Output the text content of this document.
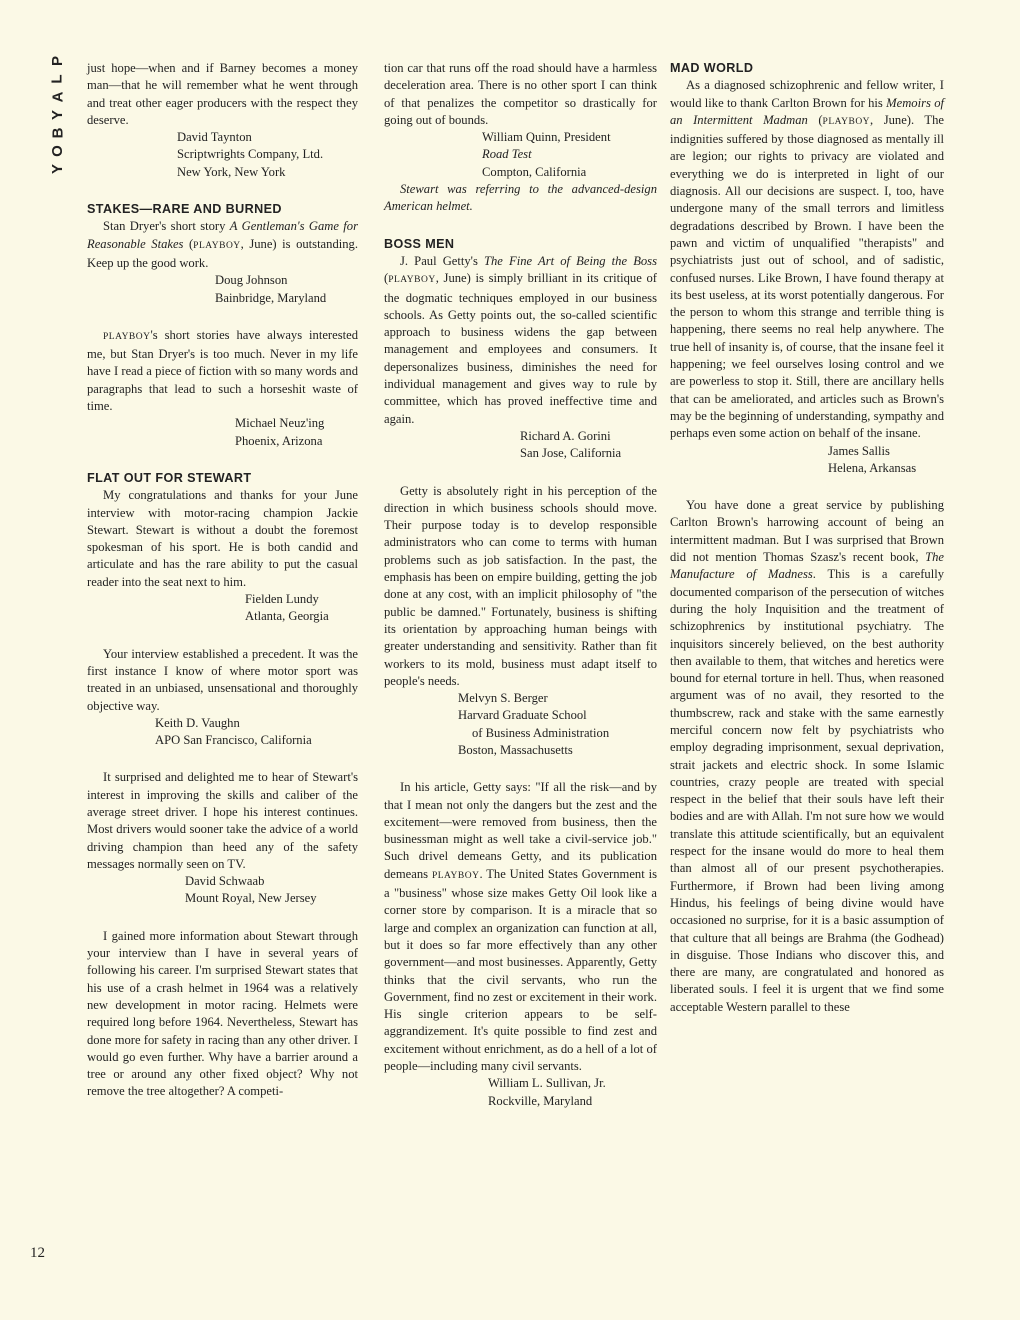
P
L
A
Y
B
O
Y
12

just hope—when and if Barney becomes a money man—that he will remember what he went through and treat other eager producers with the respect they deserve.

David Taynton
Scriptwrights Company, Ltd.
New York, New York

STAKES—RARE AND BURNED

Stan Dryer's short story A Gentleman's Game for Reasonable Stakes (PLAYBOY, June) is outstanding. Keep up the good work.

Doug Johnson
Bainbridge, Maryland

PLAYBOY's short stories have always interested me, but Stan Dryer's is too much. Never in my life have I read a piece of fiction with so many words and paragraphs that lead to such a horseshit waste of time.

Michael Neuz'ing
Phoenix, Arizona

FLAT OUT FOR STEWART

My congratulations and thanks for your June interview with motor-racing champion Jackie Stewart. Stewart is without a doubt the foremost spokesman of his sport. He is both candid and articulate and has the rare ability to put the casual reader into the seat next to him.

Fielden Lundy
Atlanta, Georgia

Your interview established a precedent. It was the first instance I know of where motor sport was treated in an unbiased, unsensational and thoroughly objective way.

Keith D. Vaughn
APO San Francisco, California

It surprised and delighted me to hear of Stewart's interest in improving the skills and caliber of the average street driver. I hope his interest continues. Most drivers would sooner take the advice of a world driving champion than heed any of the safety messages normally seen on TV.

David Schwaab
Mount Royal, New Jersey

I gained more information about Stewart through your interview than I have in several years of following his career. I'm surprised Stewart states that his use of a crash helmet in 1964 was a relatively new development in motor racing. Helmets were required long before 1964. Nevertheless, Stewart has done more for safety in racing than any other driver. I would go even further. Why have a barrier around a tree or around any other fixed object? Why not remove the tree altogether? A competi-

tion car that runs off the road should have a harmless deceleration area. There is no other sport I can think of that penalizes the competitor so drastically for going out of bounds.

William Quinn, President
Road Test
Compton, California

Stewart was referring to the advanced-design American helmet.

BOSS MEN

J. Paul Getty's The Fine Art of Being the Boss (PLAYBOY, June) is simply brilliant in its critique of the dogmatic techniques employed in our business schools. As Getty points out, the so-called scientific approach to business widens the gap between management and employees and consumers. It depersonalizes business, diminishes the need for individual management and gives way to rule by committee, which has proved ineffective time and again.

Richard A. Gorini
San Jose, California

Getty is absolutely right in his perception of the direction in which business schools should move. Their purpose today is to develop responsible administrators who can come to terms with human problems such as job satisfaction. In the past, the emphasis has been on empire building, getting the job done at any cost, with an implicit philosophy of "the public be damned." Fortunately, business is shifting its orientation by approaching human beings with greater understanding and sensitivity. Rather than fit workers to its mold, business must adapt itself to people's needs.

Melvyn S. Berger
Harvard Graduate School
of Business Administration
Boston, Massachusetts

In his article, Getty says: "If all the risk—and by that I mean not only the dangers but the zest and the excitement—were removed from business, then the businessman might as well take a civil-service job." Such drivel demeans Getty, and its publication demeans PLAYBOY. The United States Government is a "business" whose size makes Getty Oil look like a corner store by comparison. It is a miracle that so large and complex an organization can function at all, but it does so far more effectively than any other government—and most businesses. Apparently, Getty thinks that the civil servants, who run the Government, find no zest or excitement in their work. His single criterion appears to be self-aggrandizement. It's quite possible to find zest and excitement without enrichment, as do a hell of a lot of people—including many civil servants.

William L. Sullivan, Jr.
Rockville, Maryland

MAD WORLD

As a diagnosed schizophrenic and fellow writer, I would like to thank Carlton Brown for his Memoirs of an Intermittent Madman (PLAYBOY, June). The indignities suffered by those diagnosed as mentally ill are legion; our rights to privacy are violated and everything we do is interpreted in light of our diagnosis. All our decisions are suspect. I, too, have undergone many of the small terrors and limitless degradations described by Brown. I have been the pawn and victim of unqualified "therapists" and psychiatrists just out of school, and of sadistic, confused nurses. Like Brown, I have found therapy at its best useless, at its worst potentially dangerous. For the person to whom this strange and terrible thing is happening, there seems no real help anywhere. The true hell of insanity is, of course, that the insane feel it happening; we feel ourselves losing control and we are powerless to stop it. Still, there are ancillary hells that can be ameliorated, and articles such as Brown's may be the beginning of understanding, sympathy and perhaps even some action on behalf of the insane.

James Sallis
Helena, Arkansas

You have done a great service by publishing Carlton Brown's harrowing account of being an intermittent madman. But I was surprised that Brown did not mention Thomas Szasz's recent book, The Manufacture of Madness. This is a carefully documented comparison of the persecution of witches during the holy Inquisition and the treatment of schizophrenics by institutional psychiatry. The inquisitors sincerely believed, on the best authority then available to them, that witches and heretics were bound for eternal torture in hell. Thus, when reasoned argument was of no avail, they resorted to the thumbscrew, rack and stake with the same earnestly merciful concern now felt by psychiatrists who employ degrading imprisonment, sexual deprivation, strait jackets and electric shock. In some Islamic countries, crazy people are treated with special respect in the belief that their souls have left their bodies and are with Allah. I'm not sure how we would translate this attitude scientifically, but an equivalent respect for the insane would do more to heal them than almost all of our present psychotherapies. Furthermore, if Brown had been living among Hindus, his feelings of being divine would have occasioned no surprise, for it is a basic assumption of that culture that all beings are Brahma (the Godhead) in disguise. Those Indians who discover this, and there are many, are congratulated and honored as liberated souls. I feel it is urgent that we find some acceptable Western parallel to these
